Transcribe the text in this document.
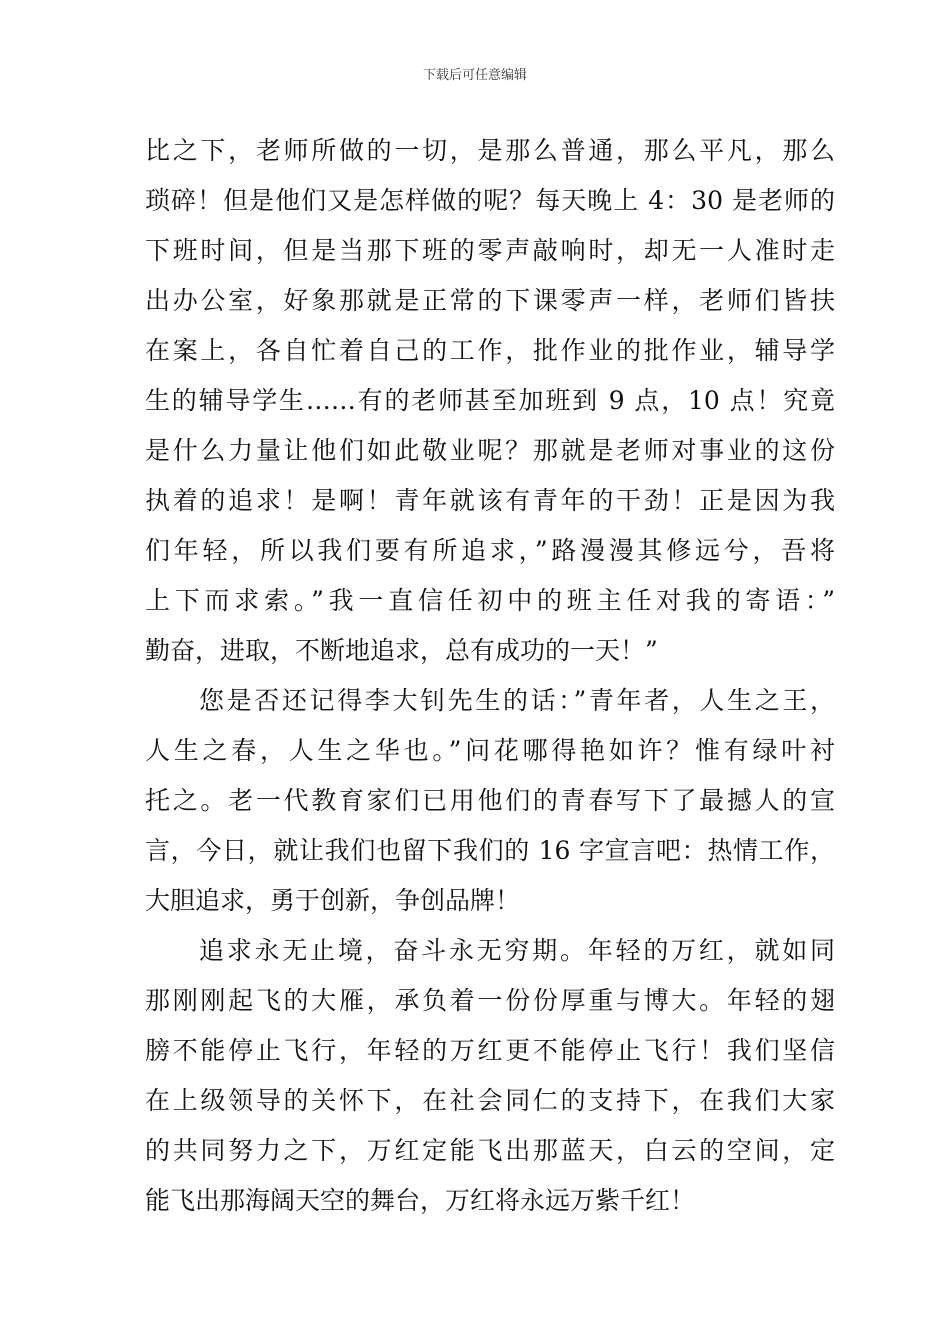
下载后可任意编辑
比之下，老师所做的一切，是那么普通，那么平凡，那么
琐碎！但是他们又是怎样做的呢？每天晚上 4：30 是老师的
下班时间，但是当那下班的零声敲响时，却无一人准时走
出办公室，好象那就是正常的下课零声一样，老师们皆扶
在案上，各自忙着自己的工作，批作业的批作业，辅导学
生的辅导学生……有的老师甚至加班到 9 点，10 点！究竟
是什么力量让他们如此敬业呢？那就是老师对事业的这份
执着的追求！是啊！青年就该有青年的干劲！正是因为我
们年轻，所以我们要有所追求，”路漫漫其修远兮，吾将
上下而求索。”我一直信任初中的班主任对我的寄语：”
勤奋，进取，不断地追求，总有成功的一天！”
您是否还记得李大钊先生的话：”青年者，人生之王，
人生之春，人生之华也。”问花哪得艳如许？惟有绿叶衬
托之。老一代教育家们已用他们的青春写下了最撼人的宣
言，今日，就让我们也留下我们的 16 字宣言吧：热情工作，
大胆追求，勇于创新，争创品牌！
追求永无止境，奋斗永无穷期。年轻的万红，就如同
那刚刚起飞的大雁，承负着一份份厚重与博大。年轻的翅
膀不能停止飞行，年轻的万红更不能停止飞行！我们坚信
在上级领导的关怀下，在社会同仁的支持下，在我们大家
的共同努力之下，万红定能飞出那蓝天，白云的空间，定
能飞出那海阔天空的舞台，万红将永远万紫千红！
